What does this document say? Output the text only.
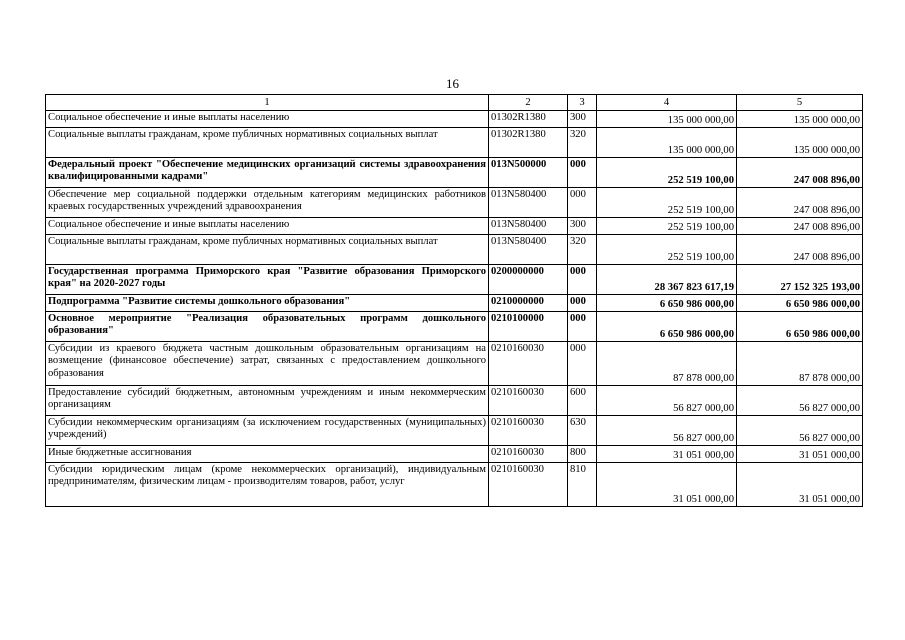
16
1	2	3	4	5
Социальное обеспечение и иные выплаты населению	01302R1380	300	135 000 000,00	135 000 000,00
Социальные выплаты гражданам, кроме публичных нормативных социальных выплат	01302R1380	320	135 000 000,00	135 000 000,00
Федеральный проект "Обеспечение медицинских организаций системы здравоохранения квалифицированными кадрами"	013N500000	000	252 519 100,00	247 008 896,00
Обеспечение мер социальной поддержки отдельным категориям медицинских работников краевых государственных учреждений здравоохранения	013N580400	000	252 519 100,00	247 008 896,00
Социальное обеспечение и иные выплаты населению	013N580400	300	252 519 100,00	247 008 896,00
Социальные выплаты гражданам, кроме публичных нормативных социальных выплат	013N580400	320	252 519 100,00	247 008 896,00
Государственная программа Приморского края "Развитие образования Приморского края" на 2020-2027 годы	0200000000	000	28 367 823 617,19	27 152 325 193,00
Подпрограмма "Развитие системы дошкольного образования"	0210000000	000	6 650 986 000,00	6 650 986 000,00
Основное мероприятие "Реализация образовательных программ дошкольного образования"	0210100000	000	6 650 986 000,00	6 650 986 000,00
Субсидии из краевого бюджета частным дошкольным образовательным организациям на возмещение (финансовое обеспечение) затрат, связанных с предоставлением дошкольного образования	0210160030	000	87 878 000,00	87 878 000,00
Предоставление субсидий бюджетным, автономным учреждениям и иным некоммерческим организациям	0210160030	600	56 827 000,00	56 827 000,00
Субсидии некоммерческим организациям (за исключением государственных (муниципальных) учреждений)	0210160030	630	56 827 000,00	56 827 000,00
Иные бюджетные ассигнования	0210160030	800	31 051 000,00	31 051 000,00
Субсидии юридическим лицам (кроме некоммерческих организаций), индивидуальным предпринимателям, физическим лицам - производителям товаров, работ, услуг	0210160030	810	31 051 000,00	31 051 000,00
